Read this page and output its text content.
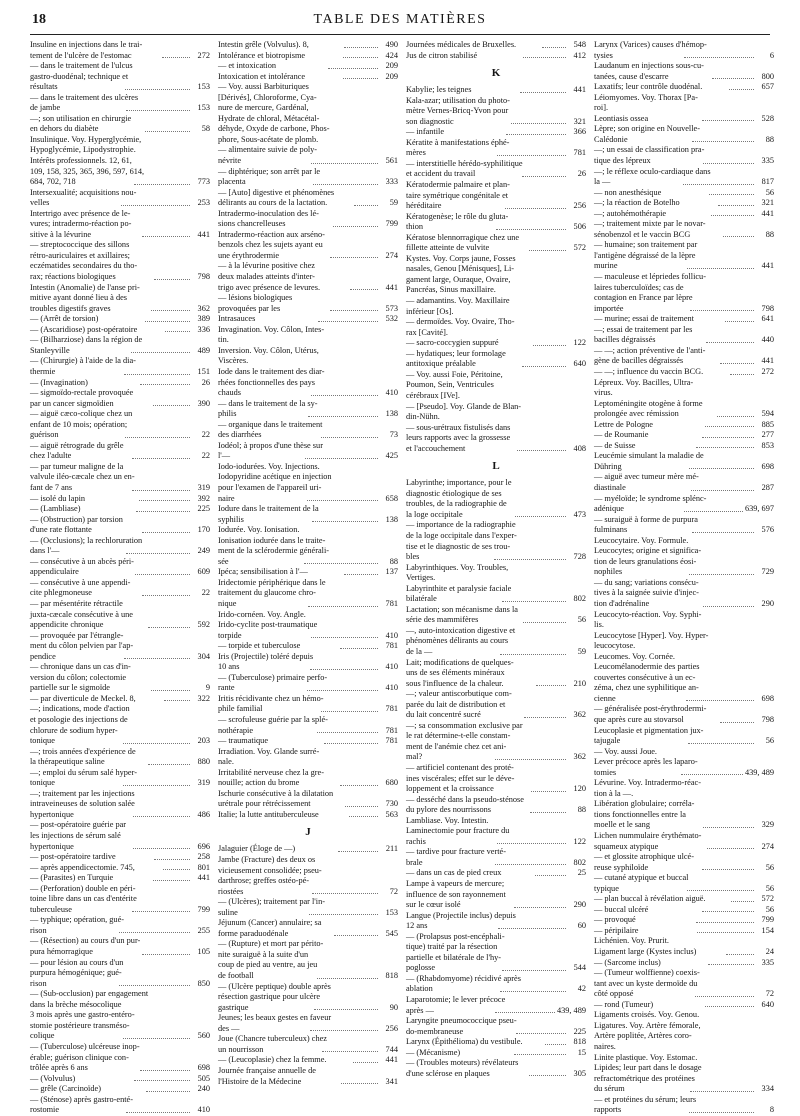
18	TABLE DES MATIÈRES
Insuline en injections dans le trai-
tement de l'ulcère de l'estomac	272
— dans le traitement de l'ulcus
gastro-duodénal; technique et
résultats	153
— dans le traitement des ulcères
de jambe	153
—; son utilisation en chirurgie
en dehors du diabète	58
Insulinique. Voy. Hyperglycémie,
Hypoglycémie, Lipodystrophie.
Intérêts professionnels. 12, 61,
109, 158, 325, 365, 396, 597, 614,
684, 702, 718	773
Intersexualité; acquisitions nou-
velles	253
Intertrigo avec présence de le-
vures; intradermo-réaction po-
sitive à la lévurine	441
— streptococcique des sillons
rétro-auriculaires et axillaires;
eczématides secondaires du tho-
rax; réactions biologiques	798
Intestin (Anomalie) de l'anse pri-
mitive ayant donné lieu à des
troubles digestifs graves	362
— (Arrêt de torsion)	389
— (Ascaridiose) post-opératoire	336
— (Bilharziose) dans la région de
Stanleyville	489
— (Chirurgie) à l'aide de la dia-
thermie	151
— (Invagination)	26
— sigmoïdo-rectale provoquée
par un cancer sigmoïdien	390
— aiguë cæco-colique chez un
enfant de 10 mois; opération;
guérison	22
— aiguë rétrograde du grêle
chez l'adulte	22
— par tumeur maligne de la
valvule iléo-cæcale chez un en-
fant de 7 ans	319
— isolé du lapin	392
— (Lambliase)	225
— (Obstruction) par torsion
d'une rate flottante	170
— (Occlusions); la rechloruration
dans l'—	249
— consécutive à un abcès péri-
appendiculaire	609
— consécutive à une appendi-
cite phlegmoneuse	22
— par mésentérite rétractile
juxta-cæcale consécutive à une
appendicite chronique	592
— provoquée par l'étrangle-
ment du côlon pelvien par l'ap-
pendice	304
— chronique dans un cas d'in-
version du côlon; colectomie
partielle sur le sigmoïde	9
— par diverticule de Meckel. 8,	322
—; indications, mode d'action
et posologie des injections de
chlorure de sodium hyper-
tonique	203
—; trois années d'expérience de
la thérapeutique saline	880
—; emploi du sérum salé hyper-
tonique	319
—; traitement par les injections
intraveineuses de solution salée
hypertonique	486
— post-opératoire guérie par
les injections de sérum salé
hypertonique	696
— post-opératoire tardive	258
— après appendicectomie. 745,	801
— (Parasites) en Turquie	441
— (Perforation) double en péri-
toine libre dans un cas d'entérite
tuberculeuse	799
— typhique; opération, gué-
rison	255
— (Résection) au cours d'un pur-
pura hémorragique	105
— pour lésion au cours d'un
purpura hémogénique; gué-
rison	850
— (Sub-occlusion) par engagement
dans la brèche mésocolique
3 mois après une gastro-entéro-
stomie postérieure transméso-
colique	560
— (Tuberculose) ulcéreuse inop-
érable; guérison clinique con-
trôlée après 6 ans	698
— (Volvulus)	505
— grêle (Carcinoïde)	240
— (Sténose) après gastro-enté-
rostomie	410
Intestin grêle (Volvulus). 8,	490
Intolérance et biotropisme	424
— et intoxication	209
Intoxication et intolérance	209
— Voy. aussi Barbituriques
[Dérivés], Chloroforme, Cya-
nure de mercure, Gardénal,
Hydrate de chloral, Métacétal-
déhyde, Oxyde de carbone, Phos-
phore, Sous-acétate de plomb.
— alimentaire suivie de poly-
névrite	561
— diphtérique; son arrêt par le
placenta	333
— [Auto] digestive et phénomènes
délirants au cours de la lactation.	59
Intradermo-inoculation des lé-
sions chancrelleuses	799
Intradermo-réaction aux arséno-
benzols chez les sujets ayant eu
une érythrodermie	274
— à la lévurine positive chez
deux malades atteints d'inter-
trigo avec présence de levures.	441
— lésions biologiques
provoquées par les	573
Intrasauces	532
Invagination. Voy. Côlon, Intes-
tin.
Inversion. Voy. Côlon, Utérus,
Viscères.
Iode dans le traitement des diar-
rhées fonctionnelles des pays
chauds	410
— dans le traitement de la sy-
philis	138
— organique dans le traitement
des diarrhées	73
Iodéol; à propos d'une thèse sur
l'—	425
Iodo-iodurées. Voy. Injections.
Iodopyridine acétique en injection
pour l'examen de l'appareil uri-
naire	658
Iodure dans le traitement de la
syphilis	138
Iodurée. Voy. Ionisation.
Ionisation iodurée dans le traite-
ment de la sclérodermie générali-
sée	88
Ipéca; sensibilisation à l'—	137
Iridectomie périphérique dans le
traitement du glaucome chro-
nique	781
Irido-cornéen. Voy. Angle.
Irido-cyclite post-traumatique
torpide	410
— torpide et tuberculose	781
Iris (Projectile) toléré depuis
10 ans	410
— (Tuberculose) primaire perfo-
rante	410
Iritis récidivante chez un hémo-
phile familial	781
— scrofuleuse guérie par la splé-
nothérapie	781
— traumatique	781
Irradiation. Voy. Glande surré-
nale.
Irritabilité nerveuse chez la gre-
nouille; action du brome	680
Ischurie consécutive à la dilatation
urétrale pour rétrécissement	730
Italie; la lutte antituberculeuse	563
J
Jalaguier (Éloge de —)	211
Jambe (Fracture) des deux os
vicieusement consolidée; pseu-
darthrose; greffes ostéo-pé-
riostées	72
— (Ulcères); traitement par l'in-
suline	153
Jéjunum (Cancer) annulaire; sa
forme paraduodénale	545
— (Rupture) et mort par périto-
nite suraiguë à la suite d'un
coup de pied au ventre, au jeu
de football	818
— (Ulcère peptique) double après
résection gastrique pour ulcère
gastrique	90
Jeunes; les beaux gestes en faveur
des —	256
Joue (Chancre tuberculeux) chez
un nourrisson	744
— (Leucoplasie) chez la femme.	441
Journée française annuelle de
l'Histoire de la Médecine	341
Journées médicales de Bruxelles.	548
Jus de citron stabilisé	412
K
Kabylie; les teignes	441
Kala-azar; utilisation du photo-
mètre Vernes-Bricq-Yvon pour
son diagnostic	321
— infantile	366
Kératite à manifestations éphé-
mères	781
— interstitielle hérédo-syphilitique
et accident du travail	26
Kératodermie palmaire et plan-
taire symétrique congénitale et
héréditaire	256
Kératogenèse; le rôle du gluta-
thion	506
Kératose blennorragique chez une
fillette atteinte de vulvite	572
Kystes. Voy. Corps jaune, Fosses
nasales, Genou [Ménisques], Li-
gament large, Ouraque, Ovaire,
Pancréas, Sinus maxillaire.
— adamantins. Voy. Maxillaire
inférieur [Os].
— dermoïdes. Voy. Ovaire, Tho-
rax [Cavité].
— sacro-coccygien suppuré	122
— hydatiques; leur formolage
antitoxique préalable	640
— Voy. aussi Foie, Péritoine,
Poumon, Sein, Ventricules
cérébraux [IVe].
— [Pseudo]. Voy. Glande de Blan-
din-Nühn.
— sous-urétraux fistulisés dans
leurs rapports avec la grossesse
et l'accouchement	408
L
Labyrinthe; importance, pour le
diagnostic étiologique de ses
troubles, de la radiographie de
la loge occipitale	473
— importance de la radiographie
de la loge occipitale dans l'exper-
tise et le diagnostic de ses trou-
bles	728
Labyrinthiques. Voy. Troubles,
Vertiges.
Labyrinthite et paralysie faciale
bilatérale	802
Lactation; son mécanisme dans la
série des mammifères	56
—, auto-intoxication digestive et
phénomènes délirants au cours
de la —	59
Lait; modifications de quelques-
uns de ses éléments minéraux
sous l'influence de la chaleur.	210
—; valeur antiscorbutique com-
parée du lait de distribution et
du lait concentré sucré	362
—; sa consommation exclusive par
le rat détermine-t-elle constam-
ment de l'anémie chez cet ani-
mal?	362
— artificiel contenant des proté-
ines viscérales; effet sur le déve-
loppement et la croissance	120
— desséché dans la pseudo-sténose
du pylore des nourrissons	88
Lambliase. Voy. Intestin.
Laminectomie pour fracture du
rachis	122
— tardive pour fracture verté-
brale	802
— dans un cas de pied creux	25
Lampe à vapeurs de mercure;
influence de son rayonnement
sur le cœur isolé	290
Langue (Projectile inclus) depuis
12 ans	60
— (Prolapsus post-encéphali-
tique) traité par la résection
partielle et bilatérale de l'hy-
poglosse	544
— (Rhabdomyome) récidivé après
ablation	42
Laparotomie; le lever précoce
après —	439, 489
Laryngite pneumococcique pseu-
do-membraneuse	225
Larynx (Épithélioma) du vestibule.	818
— (Mécanisme)	15
— (Troubles moteurs) révélateurs
d'une sclérose en plaques	305
Larynx (Varices) causes d'hémop-
tysies	6
Laudanum en injections sous-cu-
tanées, cause d'escarre	800
Laxatifs; leur contrôle duodénal.	657
Léiomyomes. Voy. Thorax [Pa-
roi].
Leontiasis ossea	528
Lèpre; son origine en Nouvelle-
Calédonie	88
—; un essai de classification pra-
tique des lépreux	335
—; le réflexe oculo-cardiaque dans
la —	817
— non anesthésique	56
—; la réaction de Botelho	321
—; autohémothérapie	441
—; traitement mixte par le novar-
sénobenzol et le vaccin BCG	88
— humaine; son traitement par
l'antigène dégraissé de la lèpre
murine	441
— maculeuse et lépriedes follicu-
laires tuberculoïdes; cas de
contagion en France par lèpre
importée	798
— murine; essai de traitement	641
—; essai de traitement par les
bacilles dégraissés	440
— —; action préventive de l'anti-
gène de bacilles dégraissés	441
— —; influence du vaccin BCG.	272
Lépreux. Voy. Bacilles, Ultra-
virus.
Leptoméningite otogène à forme
prolongée avec rémission	594
Lettre de Pologne	885
— de Roumanie	277
— de Suisse	853
Leucémie simulant la maladie de
Dühring	698
— aiguë avec tumeur mère mé-
diastinale	287
— myéloïde; le syndrome splénc-
adénique	639, 697
— suraiguë à forme de purpura
fulminans	576
Leucocytaire. Voy. Formule.
Leucocytes; origine et significa-
tion de leurs granulations éosi-
nophiles	729
— du sang; variations consécu-
tives à la saignée suivie d'injec-
tion d'adrénaline	290
Leucocyto-réaction. Voy. Syphi-
lis.
Leucocytose [Hyper]. Voy. Hyper-
leucocytose.
Leucomes. Voy. Cornée.
Leucomélanodermie des parties
couvertes consécutive à un ec-
zéma, chez une syphilitique an-
cienne	698
— généralisée post-érythrodermi-
que après cure au stovarsol	798
Leucoplasie et pigmentation jux-
tajugale	56
— Voy. aussi Joue.
Lever précoce après les laparo-
tomies	439, 489
Lévurine. Voy. Intradermo-réac-
tion à la —.
Libération globulaire; corréla-
tions fonctionnelles entre la
moelle et le sang	329
Lichen nummulaire érythémato-
squameux atypique	274
— et glossite atrophique ulcé-
reuse syphiloïde	56
— cutané atypique et buccal
typique	56
— plan buccal à révélation aiguë.	572
— buccal ulcéré	56
— provoqué	799
— péripilaire	154
Lichénien. Voy. Prurit.
Ligament large (Kystes inclus)	24
— (Sarcome inclus)	335
— (Tumeur wolffienne) coexis-
tant avec un kyste dermoïde du
côté opposé	72
— rond (Tumeur)	640
Ligaments croisés. Voy. Genou.
Ligatures. Voy. Artère fémorale,
Artère poplitée, Artères coro-
naires.
Linite plastique. Voy. Estomac.
Lipides; leur part dans le dosage
refractométrique des protéines
du sérum	334
— et protéines du sérum; leurs
rapports	8
